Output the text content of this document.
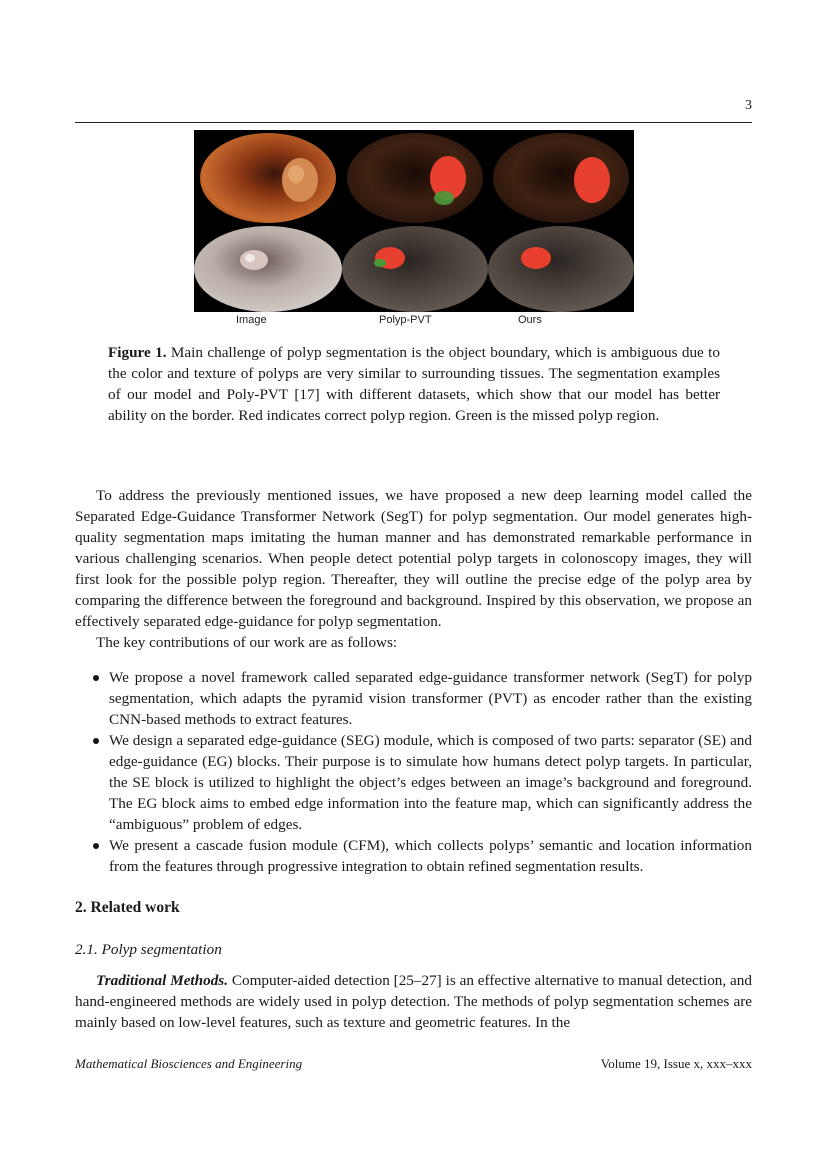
3
Image	Polyp-PVT	Ours
Figure 1. Main challenge of polyp segmentation is the object boundary, which is ambiguous due to the color and texture of polyps are very similar to surrounding tissues. The segmentation examples of our model and Poly-PVT [17] with different datasets, which show that our model has better ability on the border. Red indicates correct polyp region. Green is the missed polyp region.

To address the previously mentioned issues, we have proposed a new deep learning model called the Separated Edge-Guidance Transformer Network (SegT) for polyp segmentation. Our model generates high-quality segmentation maps imitating the human manner and has demonstrated remarkable performance in various challenging scenarios. When people detect potential polyp targets in colonoscopy images, they will first look for the possible polyp region. Thereafter, they will outline the precise edge of the polyp area by comparing the difference between the foreground and background. Inspired by this observation, we propose an effectively separated edge-guidance for polyp segmentation.

The key contributions of our work are as follows:

We propose a novel framework called separated edge-guidance transformer network (SegT) for polyp segmentation, which adapts the pyramid vision transformer (PVT) as encoder rather than the existing CNN-based methods to extract features.
We design a separated edge-guidance (SEG) module, which is composed of two parts: separator (SE) and edge-guidance (EG) blocks. Their purpose is to simulate how humans detect polyp targets. In particular, the SE block is utilized to highlight the object’s edges between an image’s background and foreground. The EG block aims to embed edge information into the feature map, which can significantly address the “ambiguous” problem of edges.
We present a cascade fusion module (CFM), which collects polyps’ semantic and location information from the features through progressive integration to obtain refined segmentation results.
2. Related work
2.1. Polyp segmentation

Traditional Methods. Computer-aided detection [25–27] is an effective alternative to manual detection, and hand-engineered methods are widely used in polyp detection. The methods of polyp segmentation schemes are mainly based on low-level features, such as texture and geometric features. In the

Mathematical Biosciences and Engineering	Volume 19, Issue x, xxx–xxx
